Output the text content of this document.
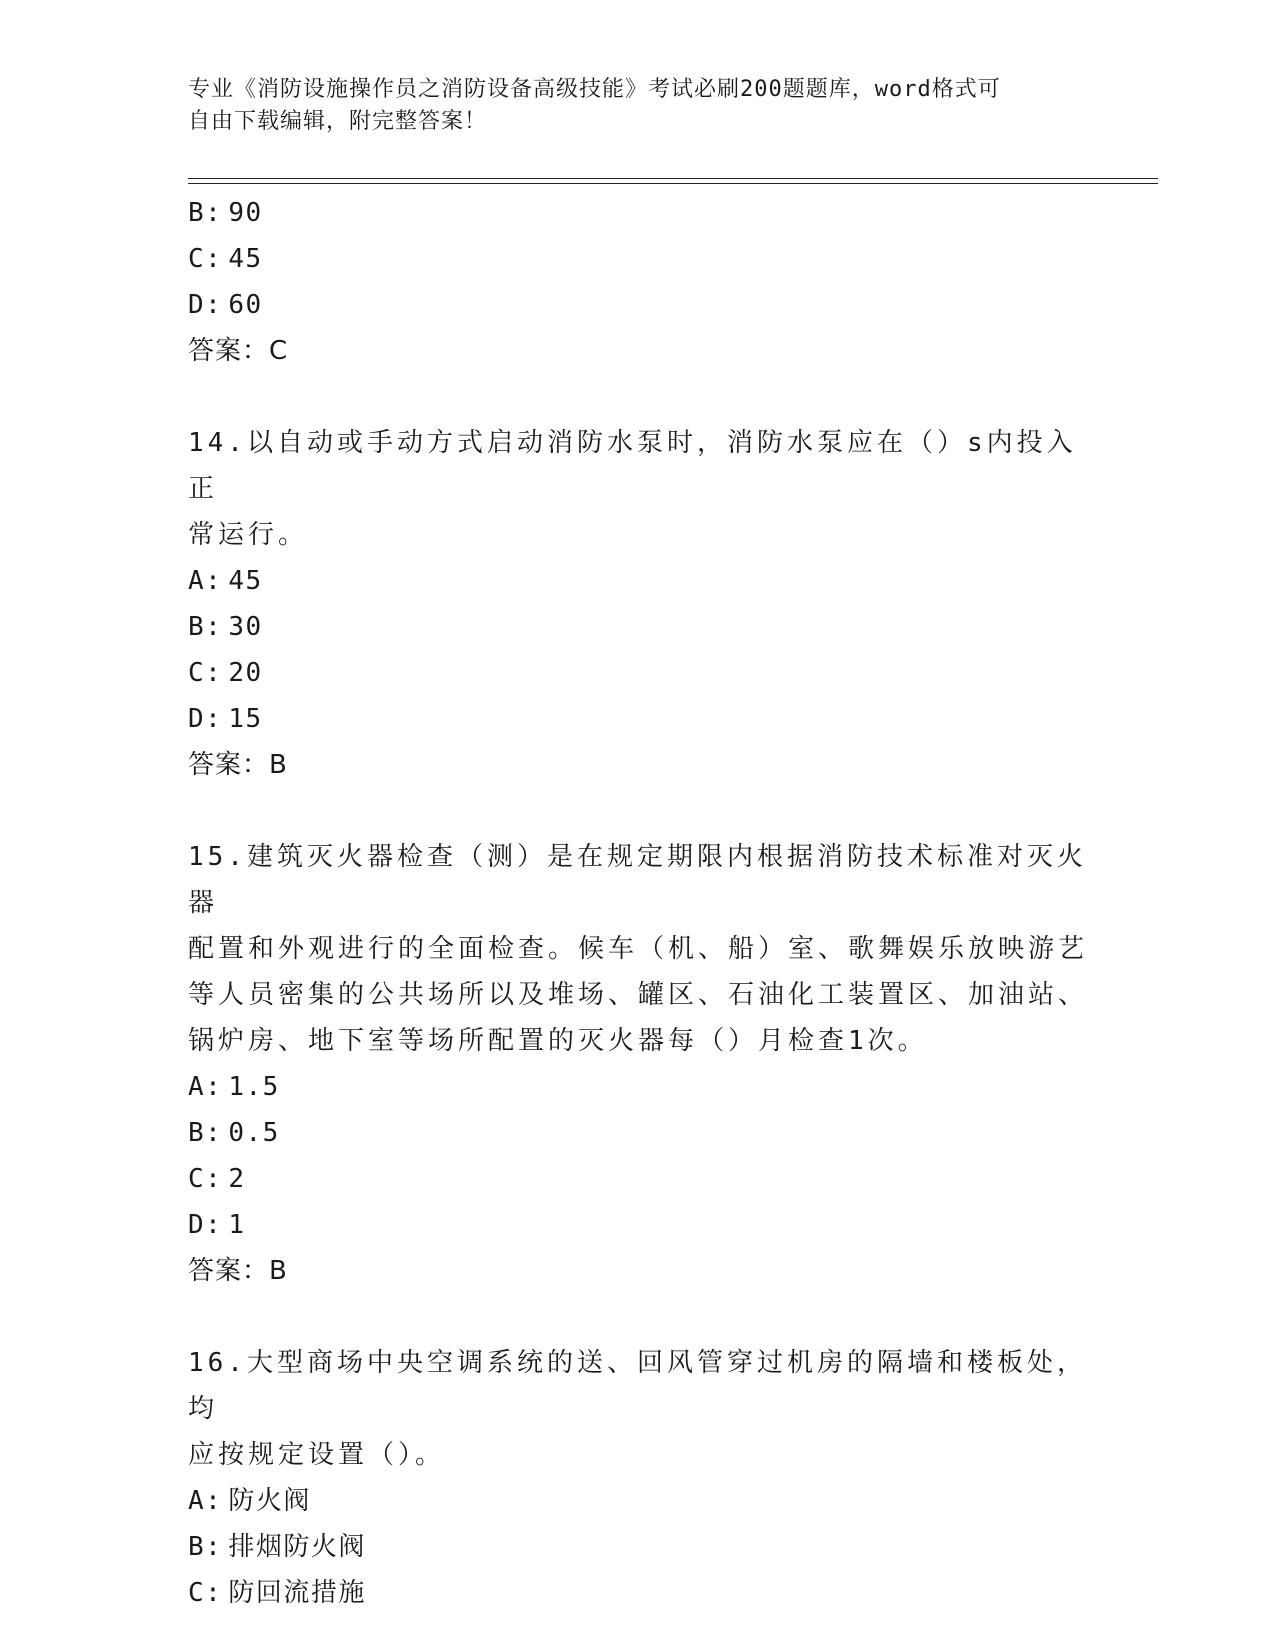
专业《消防设施操作员之消防设备高级技能》考试必刷200题题库，word格式可
自由下载编辑，附完整答案！
B: 90
C: 45
D: 60
答案：C
14.以自动或手动方式启动消防水泵时，消防水泵应在（）s内投入正
常运行。
A: 45
B: 30
C: 20
D: 15
答案：B
15.建筑灭火器检查（测）是在规定期限内根据消防技术标准对灭火器
配置和外观进行的全面检查。候车（机、船）室、歌舞娱乐放映游艺
等人员密集的公共场所以及堆场、罐区、石油化工装置区、加油站、
锅炉房、地下室等场所配置的灭火器每（）月检查1次。
A: 1.5
B: 0.5
C: 2
D: 1
答案：B
16.大型商场中央空调系统的送、回风管穿过机房的隔墙和楼板处，均
应按规定设置（）。
A: 防火阀
B: 排烟防火阀
C: 防回流措施
